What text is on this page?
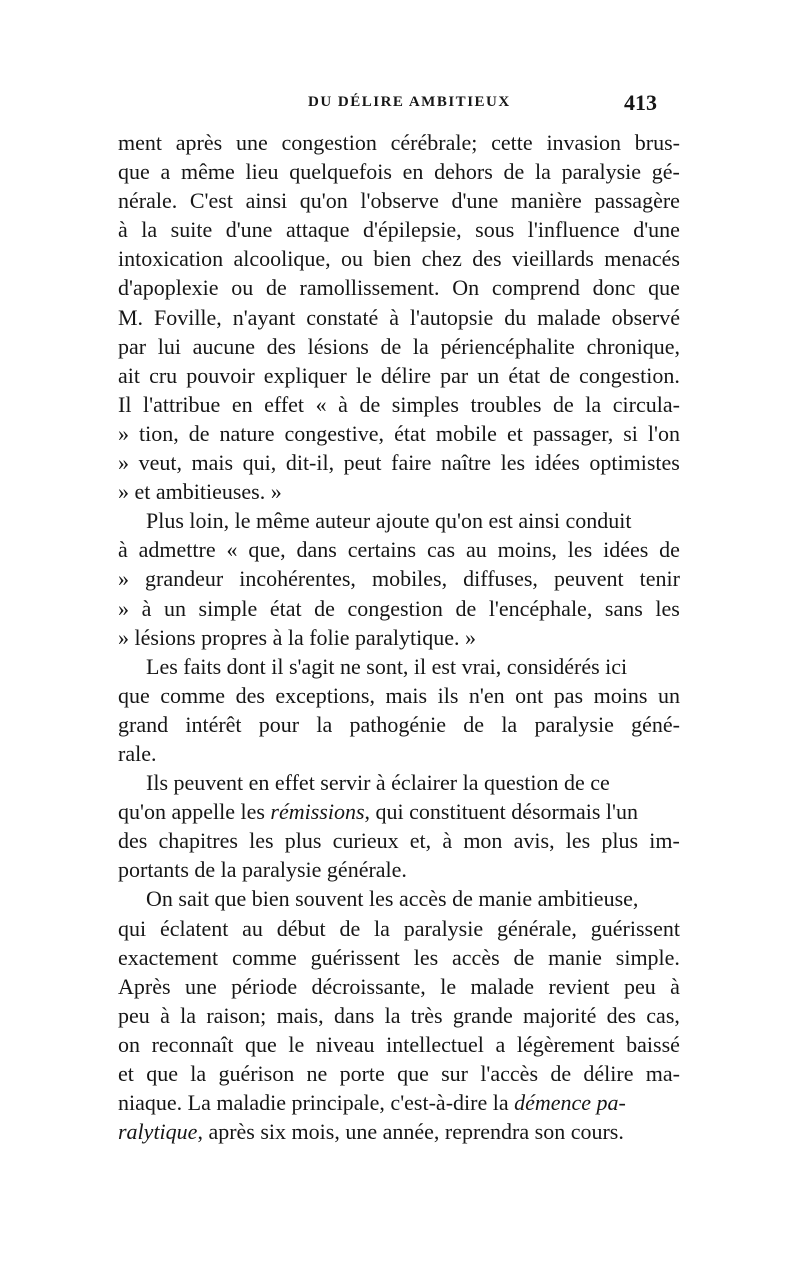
DU DÉLIRE AMBITIEUX	413
ment après une congestion cérébrale; cette invasion brus-
que a même lieu quelquefois en dehors de la paralysie gé-
nérale. C'est ainsi qu'on l'observe d'une manière passagère
à la suite d'une attaque d'épilepsie, sous l'influence d'une
intoxication alcoolique, ou bien chez des vieillards menacés
d'apoplexie ou de ramollissement. On comprend donc que
M. Foville, n'ayant constaté à l'autopsie du malade observé
par lui aucune des lésions de la périencéphalite chronique,
ait cru pouvoir expliquer le délire par un état de congestion.
Il l'attribue en effet « à de simples troubles de la circula-
» tion, de nature congestive, état mobile et passager, si l'on
» veut, mais qui, dit-il, peut faire naître les idées optimistes
» et ambitieuses. »
Plus loin, le même auteur ajoute qu'on est ainsi conduit
à admettre « que, dans certains cas au moins, les idées de
» grandeur incohérentes, mobiles, diffuses, peuvent tenir
» à un simple état de congestion de l'encéphale, sans les
» lésions propres à la folie paralytique. »
Les faits dont il s'agit ne sont, il est vrai, considérés ici
que comme des exceptions, mais ils n'en ont pas moins un
grand intérêt pour la pathogénie de la paralysie géné-
rale.
Ils peuvent en effet servir à éclairer la question de ce
qu'on appelle les rémissions, qui constituent désormais l'un
des chapitres les plus curieux et, à mon avis, les plus im-
portants de la paralysie générale.
On sait que bien souvent les accès de manie ambitieuse,
qui éclatent au début de la paralysie générale, guérissent
exactement comme guérissent les accès de manie simple.
Après une période décroissante, le malade revient peu à
peu à la raison; mais, dans la très grande majorité des cas,
on reconnaît que le niveau intellectuel a légèrement baissé
et que la guérison ne porte que sur l'accès de délire ma-
niaque. La maladie principale, c'est-à-dire la démence pa-
ralytique, après six mois, une année, reprendra son cours.
